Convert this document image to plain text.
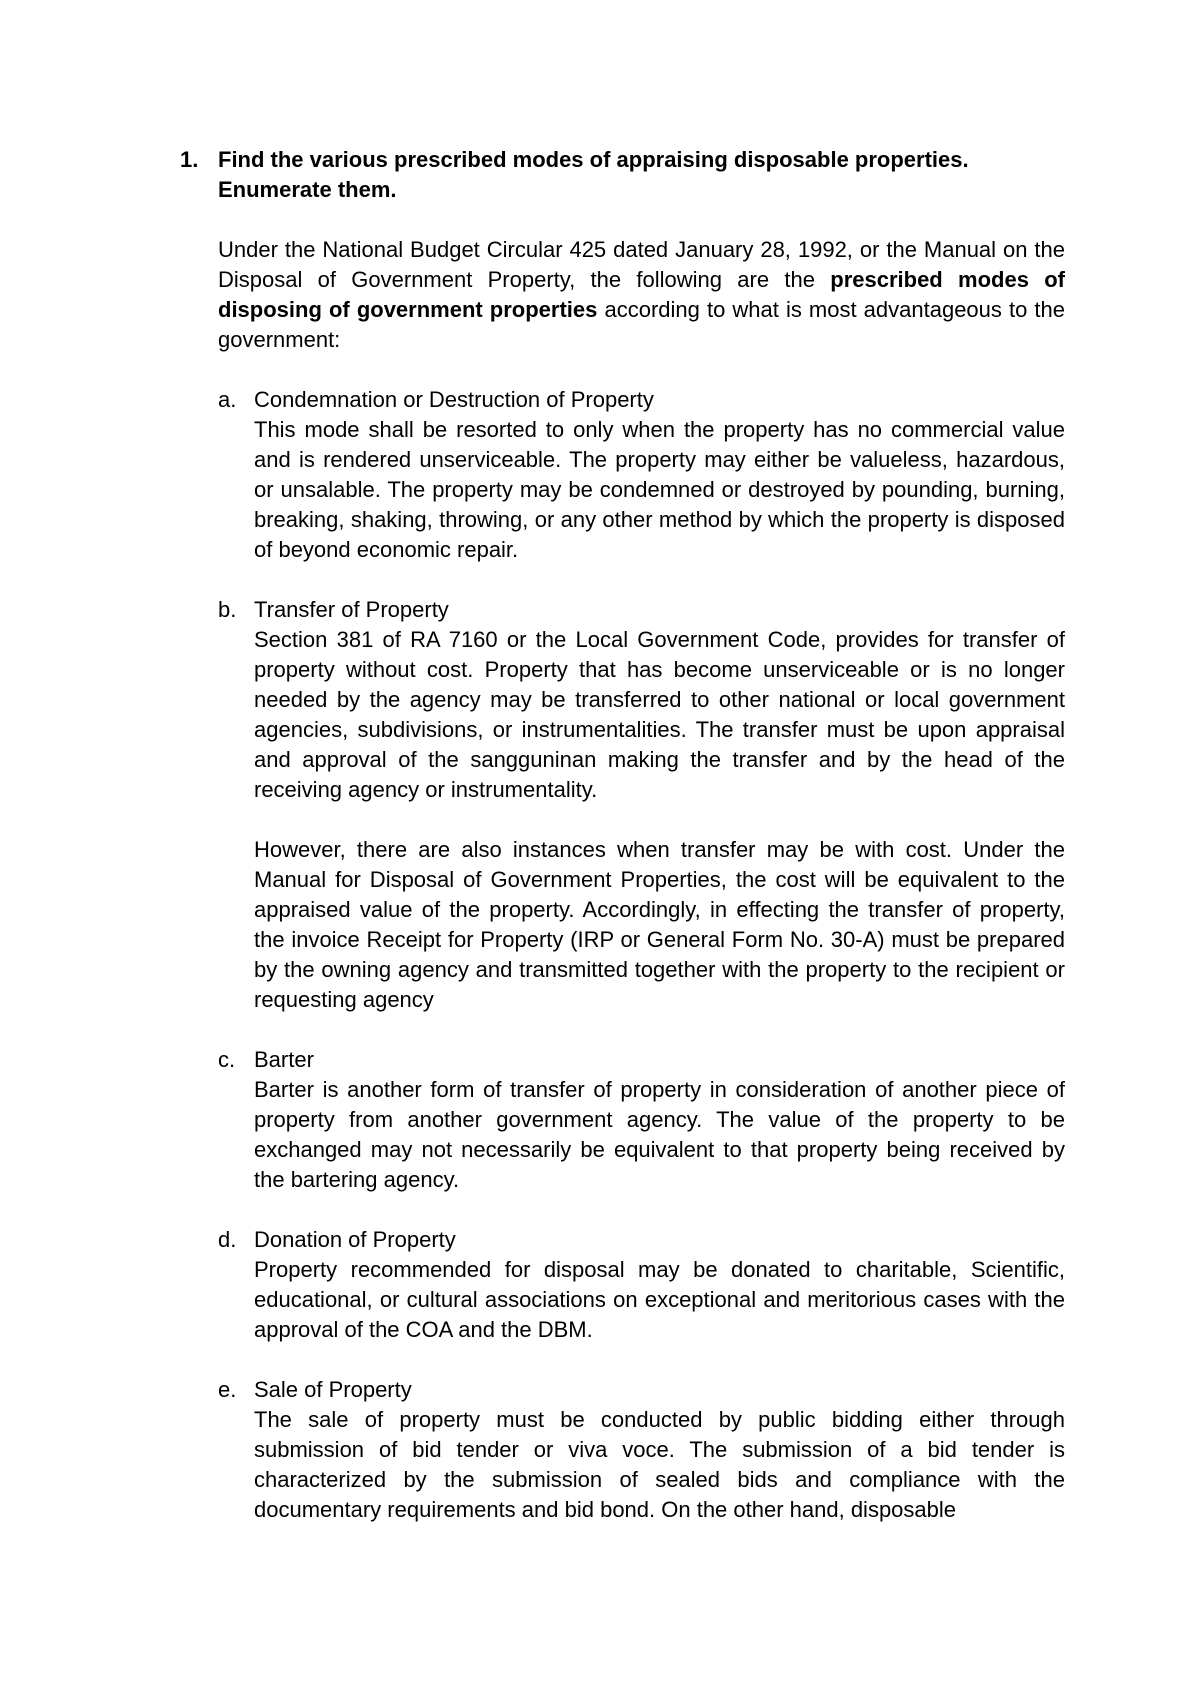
1. Find the various prescribed modes of appraising disposable properties. Enumerate them.
Under the National Budget Circular 425 dated January 28, 1992, or the Manual on the Disposal of Government Property, the following are the prescribed modes of disposing of government properties according to what is most advantageous to the government:
a. Condemnation or Destruction of Property

This mode shall be resorted to only when the property has no commercial value and is rendered unserviceable. The property may either be valueless, hazardous, or unsalable. The property may be condemned or destroyed by pounding, burning, breaking, shaking, throwing, or any other method by which the property is disposed of beyond economic repair.

b. Transfer of Property

Section 381 of RA 7160 or the Local Government Code, provides for transfer of property without cost. Property that has become unserviceable or is no longer needed by the agency may be transferred to other national or local government agencies, subdivisions, or instrumentalities. The transfer must be upon appraisal and approval of the sangguninan making the transfer and by the head of the receiving agency or instrumentality.

However, there are also instances when transfer may be with cost. Under the Manual for Disposal of Government Properties, the cost will be equivalent to the appraised value of the property. Accordingly, in effecting the transfer of property, the invoice Receipt for Property (IRP or General Form No. 30-A) must be prepared by the owning agency and transmitted together with the property to the recipient or requesting agency

c. Barter

Barter is another form of transfer of property in consideration of another piece of property from another government agency. The value of the property to be exchanged may not necessarily be equivalent to that property being received by the bartering agency.

d. Donation of Property

Property recommended for disposal may be donated to charitable, Scientific, educational, or cultural associations on exceptional and meritorious cases with the approval of the COA and the DBM.

e. Sale of Property

The sale of property must be conducted by public bidding either through submission of bid tender or viva voce. The submission of a bid tender is characterized by the submission of sealed bids and compliance with the documentary requirements and bid bond. On the other hand, disposable
